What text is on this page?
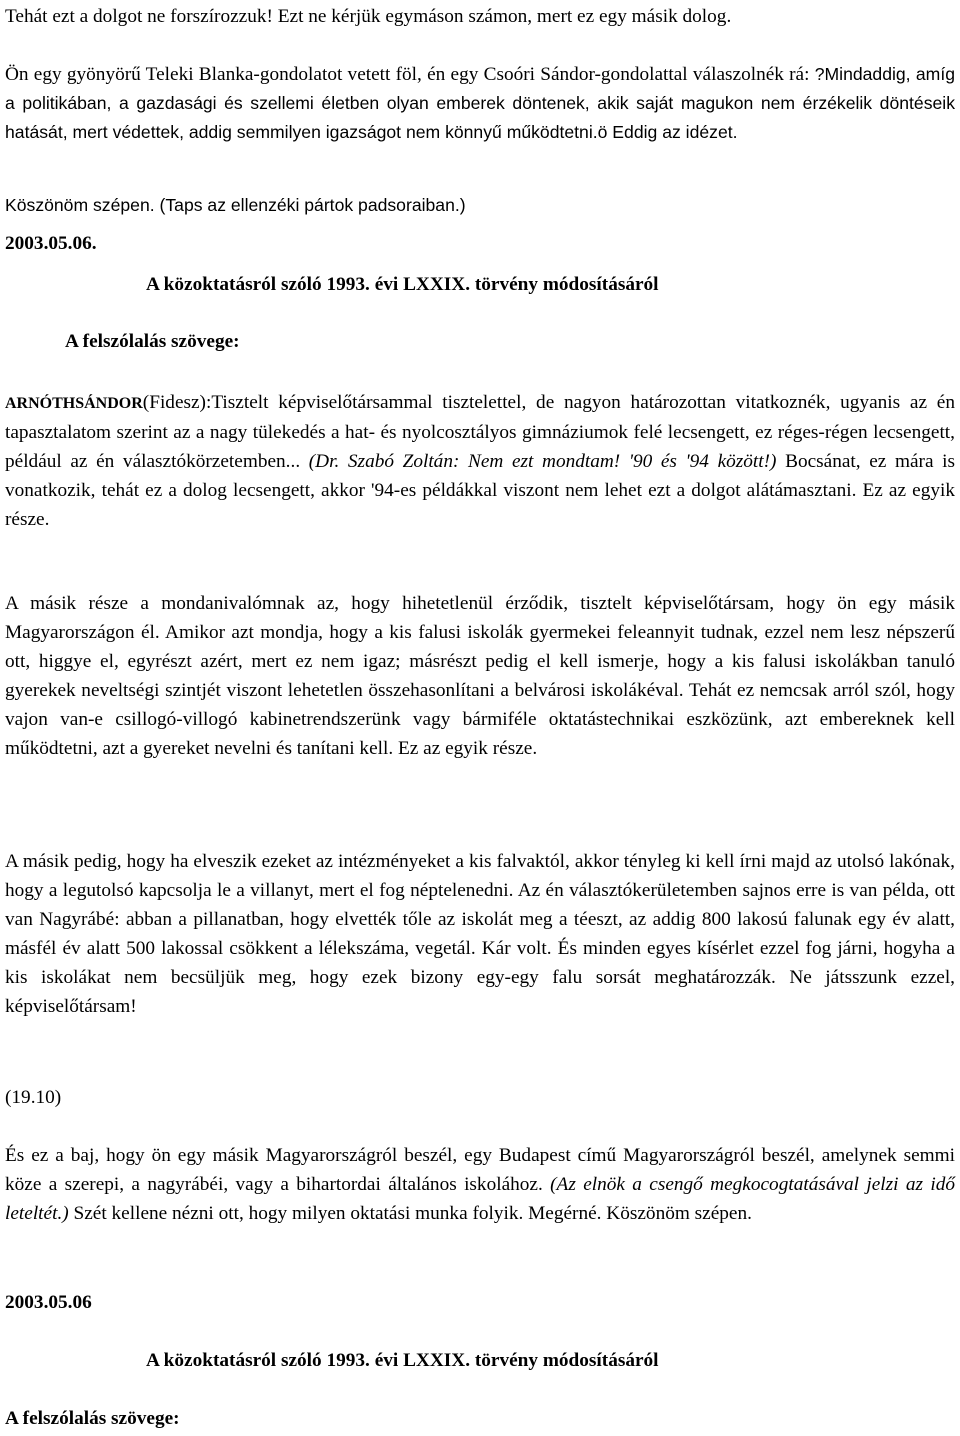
Tehát ezt a dolgot ne forszírozzuk! Ezt ne kérjük egymáson számon, mert ez egy másik dolog.

Ön egy gyönyörű Teleki Blanka-gondolatot vetett föl, én egy Csoóri Sándor-gondolattal válaszolnék rá: ?Mindaddig, amíg a politikában, a gazdasági és szellemi életben olyan emberek döntenek, akik saját magukon nem érzékelik döntéseik hatását, mert védettek, addig semmilyen igazságot nem könnyű működtetni.ö Eddig az idézet.

Köszönöm szépen. (Taps az ellenzéki pártok padsoraiban.)

2003.05.06.

A közoktatásról szóló 1993. évi LXXIX. törvény módosításáról

A felszólalás szövege:

ARNÓTHSÁNDOR(Fidesz):Tisztelt képviselőtársammal tisztelettel, de nagyon határozottan vitatkoznék, ugyanis az én tapasztalatom szerint az a nagy tülekedés a hat- és nyolcosztályos gimnáziumok felé lecsengett, ez réges-régen lecsengett, például az én választókörzetemben... (Dr. Szabó Zoltán: Nem ezt mondtam! '90 és '94 között!) Bocsánat, ez mára is vonatkozik, tehát ez a dolog lecsengett, akkor '94-es példákkal viszont nem lehet ezt a dolgot alátámasztani. Ez az egyik része.

A másik része a mondanivalómnak az, hogy hihetetlenül érződik, tisztelt képviselőtársam, hogy ön egy másik Magyarországon él. Amikor azt mondja, hogy a kis falusi iskolák gyermekei feleannyit tudnak, ezzel nem lesz népszerű ott, higgye el, egyrészt azért, mert ez nem igaz; másrészt pedig el kell ismerje, hogy a kis falusi iskolákban tanuló gyerekek neveltségi szintjét viszont lehetetlen összehasonlítani a belvárosi iskolákéval. Tehát ez nemcsak arról szól, hogy vajon van-e csillogó-villogó kabinetrendszerünk vagy bármiféle oktatástechnikai eszközünk, azt embereknek kell működtetni, azt a gyereket nevelni és tanítani kell. Ez az egyik része.

A másik pedig, hogy ha elveszik ezeket az intézményeket a kis falvaktól, akkor tényleg ki kell írni majd az utolsó lakónak, hogy a legutolsó kapcsolja le a villanyt, mert el fog néptelenedni. Az én választókerületemben sajnos erre is van példa, ott van Nagyrábé: abban a pillanatban, hogy elvették tőle az iskolát meg a téeszt, az addig 800 lakosú falunak egy év alatt, másfél év alatt 500 lakossal csökkent a lélekszáma, vegetál. Kár volt. És minden egyes kísérlet ezzel fog járni, hogyha a kis iskolákat nem becsüljük meg, hogy ezek bizony egy-egy falu sorsát meghatározzák. Ne játsszunk ezzel, képviselőtársam!

(19.10)

És ez a baj, hogy ön egy másik Magyarországról beszél, egy Budapest című Magyarországról beszél, amelynek semmi köze a szerepi, a nagyrábéi, vagy a bihartordai általános iskolához. (Az elnök a csengő megkocogtatásával jelzi az idő leteltét.) Szét kellene nézni ott, hogy milyen oktatási munka folyik. Megérné. Köszönöm szépen.

2003.05.06

A közoktatásról szóló 1993. évi LXXIX. törvény módosításáról

A felszólalás szövege:
